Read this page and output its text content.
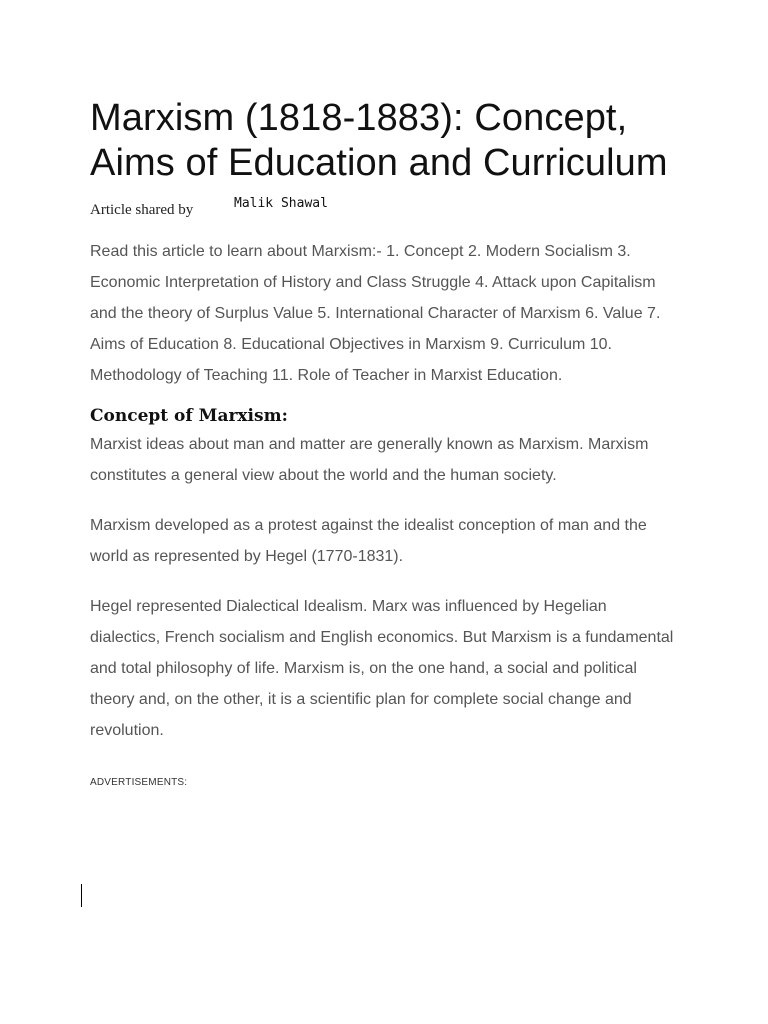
Marxism (1818-1883): Concept, Aims of Education and Curriculum
Article shared by	Malik Shawal

Read this article to learn about Marxism:- 1. Concept 2. Modern Socialism 3. Economic Interpretation of History and Class Struggle 4. Attack upon Capitalism and the theory of Surplus Value 5. International Character of Marxism 6. Value 7. Aims of Education 8. Educational Objectives in Marxism 9. Curriculum 10. Methodology of Teaching 11. Role of Teacher in Marxist Education.

Concept of Marxism:

Marxist ideas about man and matter are generally known as Marxism. Marxism constitutes a general view about the world and the human society.

Marxism developed as a protest against the idealist conception of man and the world as represented by Hegel (1770-1831).

Hegel represented Dialectical Idealism. Marx was influenced by Hegelian dialectics, French socialism and English economics. But Marxism is a fundamental and total philosophy of life. Marxism is, on the one hand, a social and political theory and, on the other, it is a scientific plan for complete social change and revolution.

ADVERTISEMENTS:
